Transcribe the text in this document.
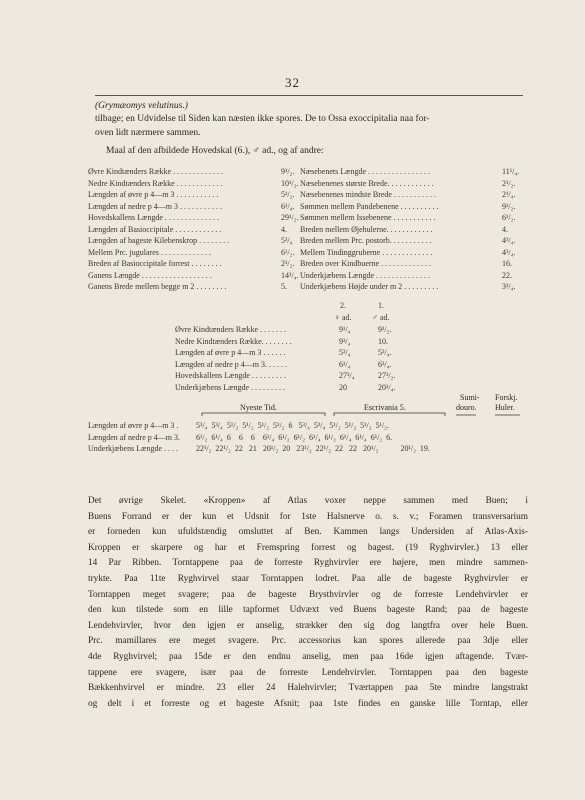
32
(Grymæomys velutinus.)
tilbage; en Udvidelse til Siden kan næsten ikke spores. De to Ossa exoccipitalia naa for-
oven lidt nærmere sammen.
Maal af den afbildede Hovedskal (6.), ♂ ad., og af andre:
Øvre Kindtænders Række . . . . . . . . . . . . .	9¹/₂.
Nedre Kindtænders Række . . . . . . . . . . . .	10¹/₂.
Længden af øvre p 4—m 3 . . . . . . . . . . .	5¹/₂.
Længden af nedre p 4—m 3 . . . . . . . . . . .	6¹/₄.
Hovedskallens Længde . . . . . . . . . . . . . .	29¹/₂.
Længden af Basioccipitale . . . . . . . . . . . .	4.
Længden af bageste Kilebenskrop . . . . . . . .	5³/₄
Mellem Prc. jugulares . . . . . . . . . . . . .	6¹/₂.
Breden af Basioccipitale forrest . . . . . . . .	2¹/₂.
Ganens Længde . . . . . . . . . . . . . . . . . .	14³/₄.
Ganens Brede mellem begge m 2 . . . . . . . .	5.
Næsebenets Længde . . . . . . . . . . . . . . . .	11¹/₄.
Næsebenenes største Brede. . . . . . . . . . . .	2¹/₂.
Næsebenenes mindste Brede . . . . . . . . . . .	2¹/₄.
Sømmen mellem Pandebenene . . . . . . . . . .	9¹/₂.
Sømmen mellem Issebenene . . . . . . . . . . .	6¹/₂.
Breden mellem Øjehulerne. . . . . . . . . . . .	4.
Breden mellem Prc. postorb. . . . . . . . . . .	4³/₄.
Mellem Tindinggruberne . . . . . . . . . . . . .	4³/₄.
Breden over Kindbuerne . . . . . . . . . . . . .	16.
Underkjæbens Længde . . . . . . . . . . . . . .	22.
Underkjæbens Højde under m 2 . . . . . . . . .	3³/₄.
2.	1.
♀ ad.	♂ ad.
Øvre Kindtænders Række . . . . . . .	9¹/₄	9¹/₂.
Nedre Kindtænders Række. . . . . . . .	9³/₄	10.
Længden af øvre p 4—m 3 . . . . . .	5³/₄	5³/₄.
Længden af nedre p 4—m 3. . . . . .	6¹/₄	6³/₄.
Hovedskallens Længde . . . . . . . . .	27³/₄	27¹/₂.
Underkjæbens Længde . . . . . . . . .	20	20¹/₄.
Nyeste Tid.	Escrivania 5.
Sumi-
douro.
Forskj.
Huler.
Længden af øvre p 4—m 3 . 5³/₄  5³/₄  5¹/₂  5¹/₂  5¹/₂  5¹/₂  6   5³/₄  5³/₄  5¹/₂  5¹/₂  5¹/₂  5¹/₂.
Længden af nedre p 4—m 3. 6¹/₂  6¹/₄  6    6    6    6¹/₄  6¹/₂  6¹/₂  6¹/₄  6¹/₂  6¹/₄  6¹/₄  6¹/₂  6.
Underkjæbens Længde . . . . 22¹/₂  22¹/₂  22   21   20¹/₂  20   23¹/₂  22¹/₂  22   22   20¹/₂           20¹/₂  19.
Det øvrige Skelet. «Kroppen» af Atlas voxer neppe sammen med Buen; i
Buens Forrand er der kun et Udsnit for 1ste Halsnerve o. s. v.; Foramen transversarium
er forneden kun ufuldstændig omsluttet af Ben. Kammen langs Undersiden af Atlas-Axis-
Kroppen er skarpere og har et Fremspring forrest og bagest. (19 Ryghvirvler.) 13 eller
14 Par Ribben. Torntappene paa de forreste Ryghvirvler ere højere, men mindre sammen-
trykte. Paa 11te Ryghvirvel staar Torntappen lodret. Paa alle de bageste Ryghvirvler er
Torntappen meget svagere; paa de bageste Brysthvirvler og de forreste Lendehvirvler er
den kun tilstede som en lille tapformet Udvæxt ved Buens bageste Rand; paa de bageste
Lendehvirvler, hvor den igjen er anselig, strækker den sig dog langtfra over hele Buen.
Prc. mamillares ere meget svagere. Prc. accessorius kan spores allerede paa 3dje eller
4de Ryghvirvel; paa 15de er den endnu anselig, men paa 16de igjen aftagende. Tvær-
tappene ere svagere, især paa de forreste Lendehvirvler. Torntappen paa den bageste
Bækkenhvirvel er mindre. 23 eller 24 Halehvirvler; Tværtappen paa 5te mindre langstrakt
og delt i et forreste og et bageste Afsnit; paa 1ste findes en ganske lille Torntap, eller
